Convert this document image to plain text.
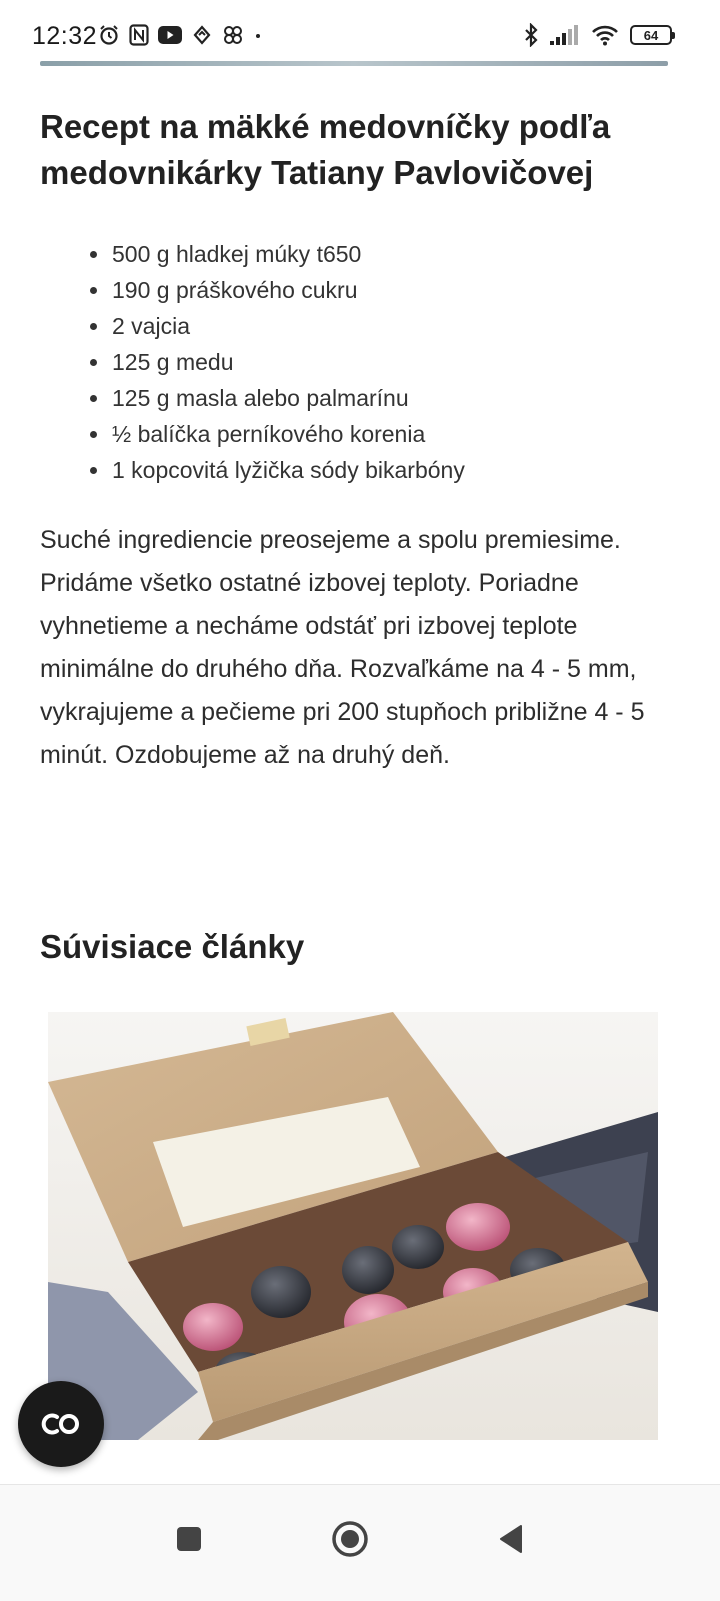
12:32	64
Recept na mäkké medovníčky podľa medovnikárky Tatiany Pavlovičovej
500 g hladkej múky t650
190 g práškového cukru
2 vajcia
125 g medu
125 g masla alebo palmarínu
½ balíčka perníkového korenia
1 kopcovitá lyžička sódy bikarbóny

Suché ingrediencie preosejeme a spolu premiesime. Pridáme všetko ostatné izbovej teploty. Poriadne vyhnetieme a necháme odstáť pri izbovej teplote minimálne do druhého dňa. Rozvaľkáme na 4 - 5 mm, vykrajujeme a pečieme pri 200 stupňoch približne 4 - 5 minút. Ozdobujeme až na druhý deň.

Súvisiace články
